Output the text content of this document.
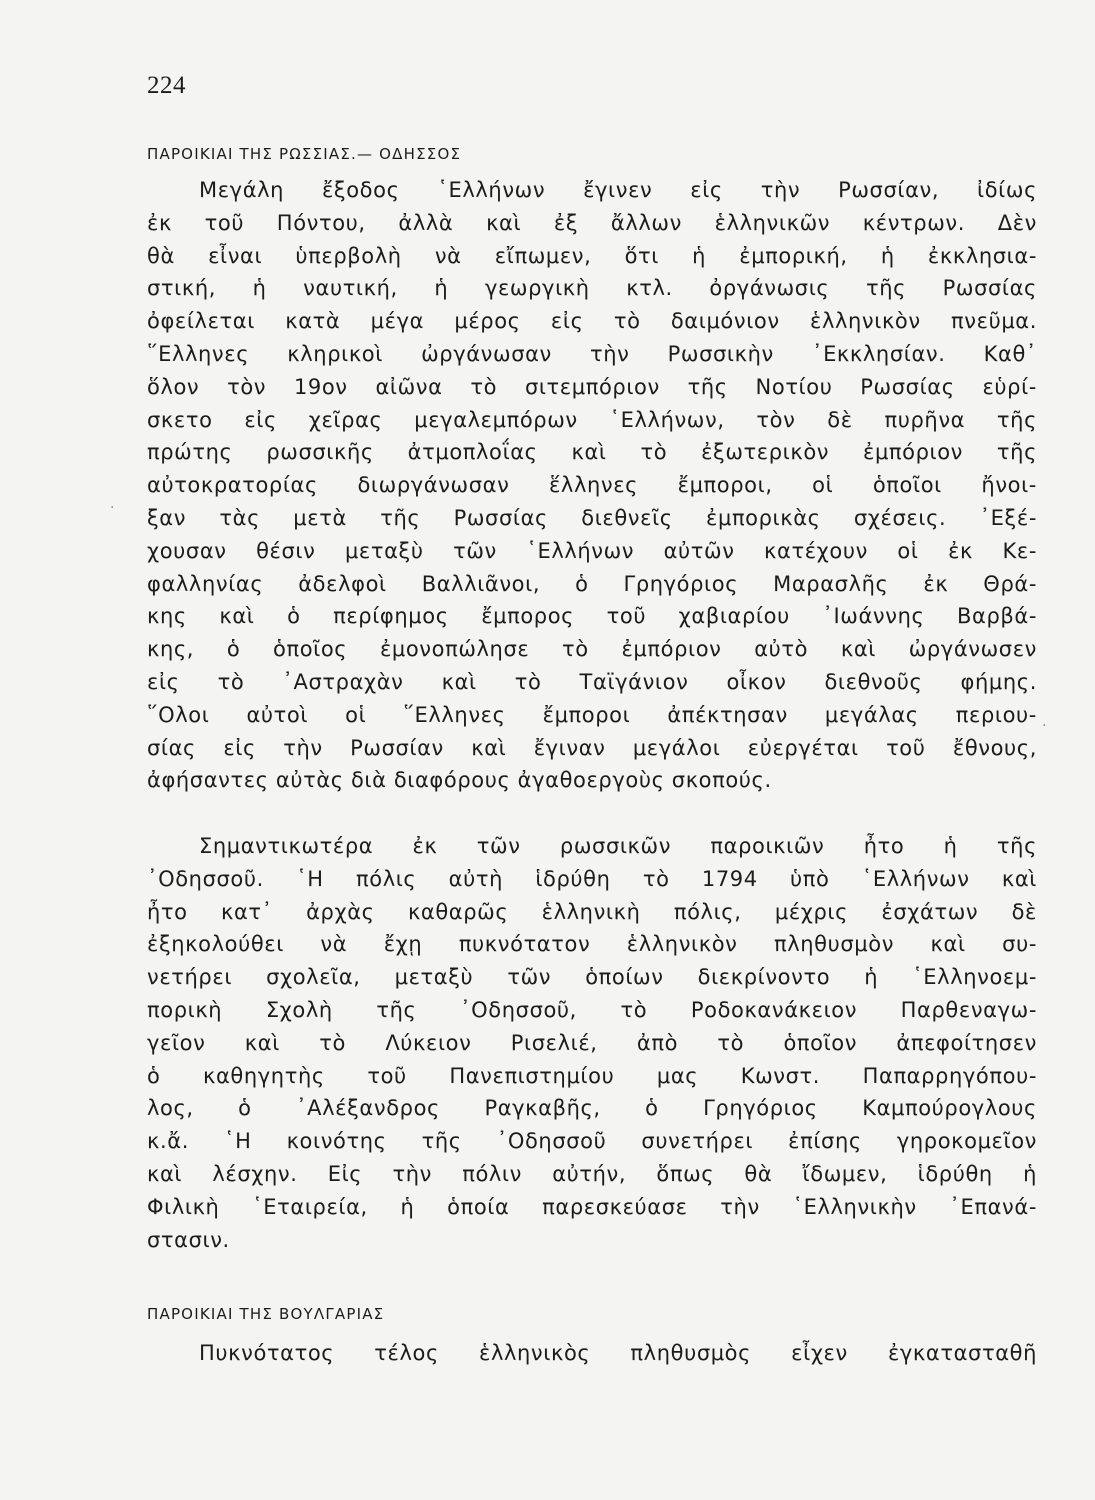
224
ΠΑΡΟΙΚΙΑΙ ΤΗΣ ΡΩΣΣΙΑΣ.— ΟΔΗΣΣΟΣ
Μεγάλη ἔξοδος ῾Ελλήνων ἔγινεν εἰς τὴν Ρωσσίαν, ἰδίως
ἐκ τοῦ Πόντου, ἀλλὰ καὶ ἐξ ἄλλων ἑλληνικῶν κέντρων. Δὲν
θὰ εἶναι ὑπερβολὴ νὰ εἴπωμεν, ὅτι ἡ ἐμπορική, ἡ ἐκκλησια-
στική, ἡ ναυτική, ἡ γεωργικὴ κτλ. ὀργάνωσις τῆς Ρωσσίας
ὀφείλεται κατὰ μέγα μέρος εἰς τὸ δαιμόνιον ἑλληνικὸν πνεῦμα.
῞Ελληνες κληρικοὶ ὠργάνωσαν τὴν Ρωσσικὴν ᾿Εκκλησίαν. Καθ᾿
ὅλον τὸν 19ον αἰῶνα τὸ σιτεμπόριον τῆς Νοτίου Ρωσσίας εὑρί-
σκετο εἰς χεῖρας μεγαλεμπόρων ῾Ελλήνων, τὸν δὲ πυρῆνα τῆς
πρώτης ρωσσικῆς ἀτμοπλοΐας καὶ τὸ ἐξωτερικὸν ἐμπόριον τῆς
αὐτοκρατορίας διωργάνωσαν ἕλληνες ἔμποροι, οἱ ὁποῖοι ἤνοι-
ξαν τὰς μετὰ τῆς Ρωσσίας διεθνεῖς ἐμπορικὰς σχέσεις. ᾿Εξέ-
χουσαν θέσιν μεταξὺ τῶν ῾Ελλήνων αὐτῶν κατέχουν οἱ ἐκ Κε-
φαλληνίας ἀδελφοὶ Βαλλιᾶνοι, ὁ Γρηγόριος Μαρασλῆς ἐκ Θρά-
κης καὶ ὁ περίφημος ἔμπορος τοῦ χαβιαρίου ᾿Ιωάννης Βαρβά-
κης, ὁ ὁποῖος ἐμονοπώλησε τὸ ἐμπόριον αὐτὸ καὶ ὠργάνωσεν
εἰς τὸ ᾿Αστραχὰν καὶ τὸ Ταϊγάνιον οἶκον διεθνοῦς φήμης.
῞Ολοι αὐτοὶ οἱ ῞Ελληνες ἔμποροι ἀπέκτησαν μεγάλας περιου-
σίας εἰς τὴν Ρωσσίαν καὶ ἔγιναν μεγάλοι εὐεργέται τοῦ ἔθνους,
ἀφήσαντες αὐτὰς διὰ διαφόρους ἀγαθοεργοὺς σκοπούς.
Σημαντικωτέρα ἐκ τῶν ρωσσικῶν παροικιῶν ἦτο ἡ τῆς
᾿Οδησσοῦ. ῾Η πόλις αὐτὴ ἱδρύθη τὸ 1794 ὑπὸ ῾Ελλήνων καὶ
ἦτο κατ᾿ ἀρχὰς καθαρῶς ἑλληνικὴ πόλις, μέχρις ἐσχάτων δὲ
ἐξηκολούθει νὰ ἔχῃ πυκνότατον ἑλληνικὸν πληθυσμὸν καὶ συ-
νετήρει σχολεῖα, μεταξὺ τῶν ὁποίων διεκρίνοντο ἡ ῾Ελληνοεμ-
πορικὴ Σχολὴ τῆς ᾿Οδησσοῦ, τὸ Ροδοκανάκειον Παρθεναγω-
γεῖον καὶ τὸ Λύκειον Ρισελιέ, ἀπὸ τὸ ὁποῖον ἀπεφοίτησεν
ὁ καθηγητὴς τοῦ Πανεπιστημίου μας Κωνστ. Παπαρρηγόπου-
λος, ὁ ᾿Αλέξανδρος Ραγκαβῆς, ὁ Γρηγόριος Καμπούρογλους
κ.ἄ. ῾Η κοινότης τῆς ᾿Οδησσοῦ συνετήρει ἐπίσης γηροκομεῖον
καὶ λέσχην. Εἰς τὴν πόλιν αὐτήν, ὅπως θὰ ἴδωμεν, ἱδρύθη ἡ
Φιλικὴ ῾Εταιρεία, ἡ ὁποία παρεσκεύασε τὴν ῾Ελληνικὴν ᾿Επανά-
στασιν.
ΠΑΡΟΙΚΙΑΙ ΤΗΣ ΒΟΥΛΓΑΡΙΑΣ
Πυκνότατος τέλος ἑλληνικὸς πληθυσμὸς εἶχεν ἐγκατασταθῆ
·
·
